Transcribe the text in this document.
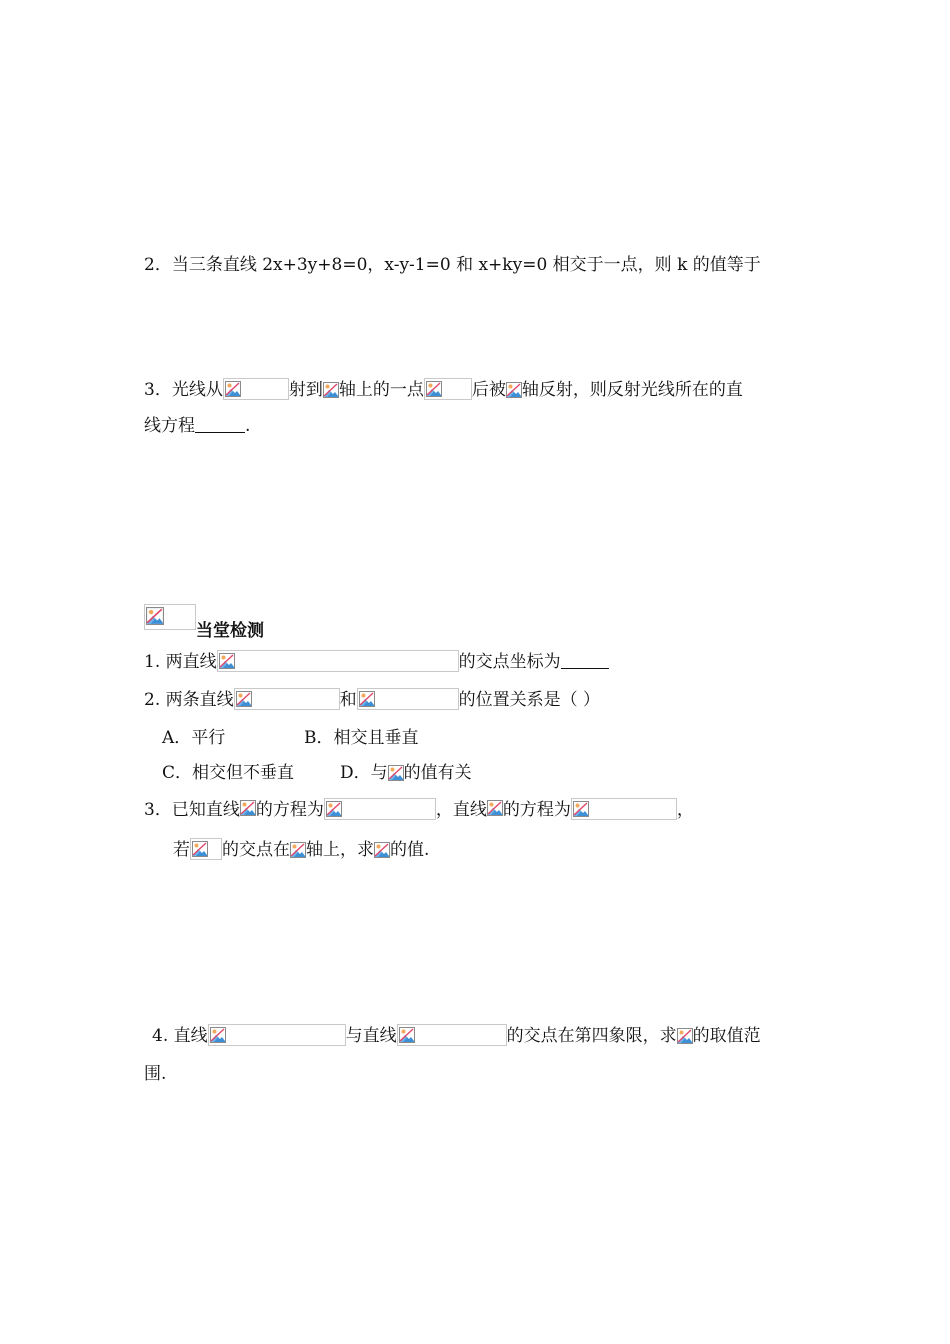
2．当三条直线 2x+3y+8=0，x-y-1=0 和 x+ky=0 相交于一点，则 k 的值等于
3．光线从	射到 轴上的一点	后被 轴反射，则反射光线所在的直
线方程	.
当堂检测
1. 两直线	的交点坐标为
2. 两条直线	和	的位置关系是（ ）
A．平行	B．相交且垂直
C．相交但不垂直	D．与 的值有关
3．已知直线 的方程为	，直线 的方程为	，
若 的交点在 轴上，求 的值.
4. 直线	与直线	的交点在第四象限，求 的取值范
围.
